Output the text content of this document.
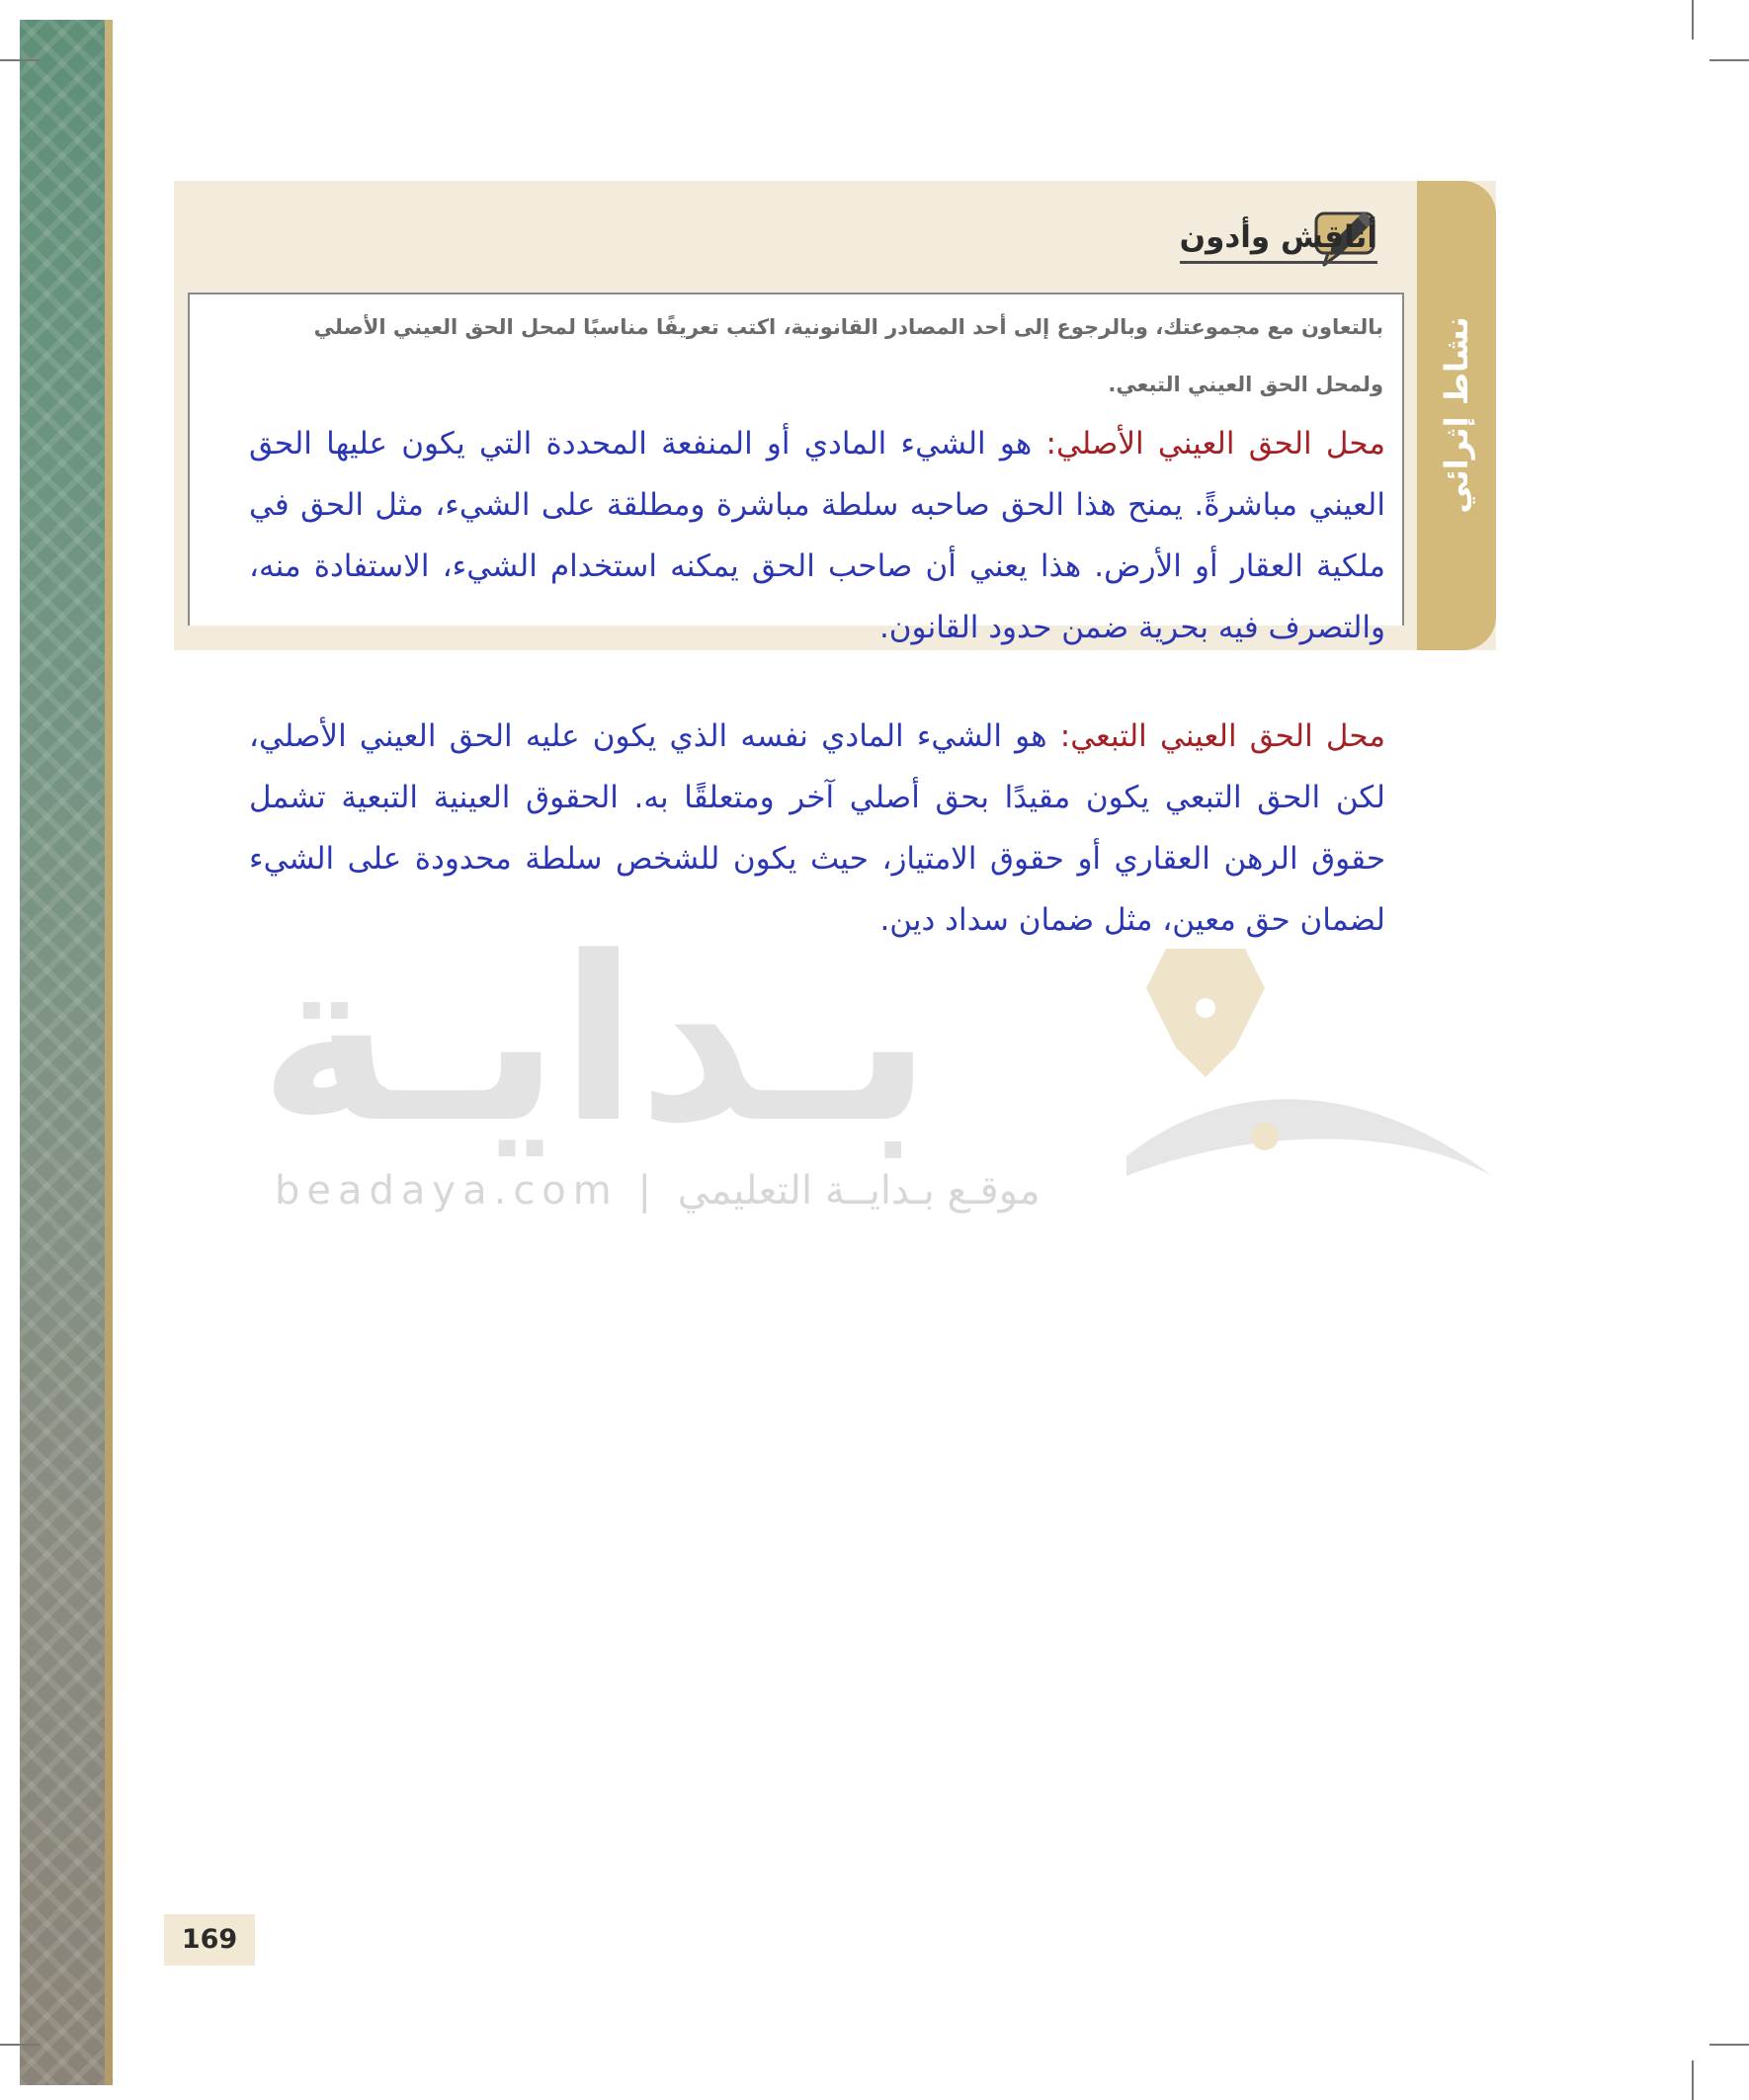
نشاط إثرائي
أناقش وأدون
بالتعاون مع مجموعتك، وبالرجوع إلى أحد المصادر القانونية، اكتب تعريفًا مناسبًا لمحل الحق العيني الأصلي ولمحل الحق العيني التبعي.
محل الحق العيني الأصلي: هو الشيء المادي أو المنفعة المحددة التي يكون عليها الحق العيني مباشرةً. يمنح هذا الحق صاحبه سلطة مباشرة ومطلقة على الشيء، مثل الحق في ملكية العقار أو الأرض. هذا يعني أن صاحب الحق يمكنه استخدام الشيء، الاستفادة منه، والتصرف فيه بحرية ضمن حدود القانون.
محل الحق العيني التبعي: هو الشيء المادي نفسه الذي يكون عليه الحق العيني الأصلي، لكن الحق التبعي يكون مقيدًا بحق أصلي آخر ومتعلقًا به. الحقوق العينية التبعية تشمل حقوق الرهن العقاري أو حقوق الامتياز، حيث يكون للشخص سلطة محدودة على الشيء لضمان حق معين، مثل ضمان سداد دين.
بـدايـة
beadaya.com | موقـع بـدايــة التعليمي
169
